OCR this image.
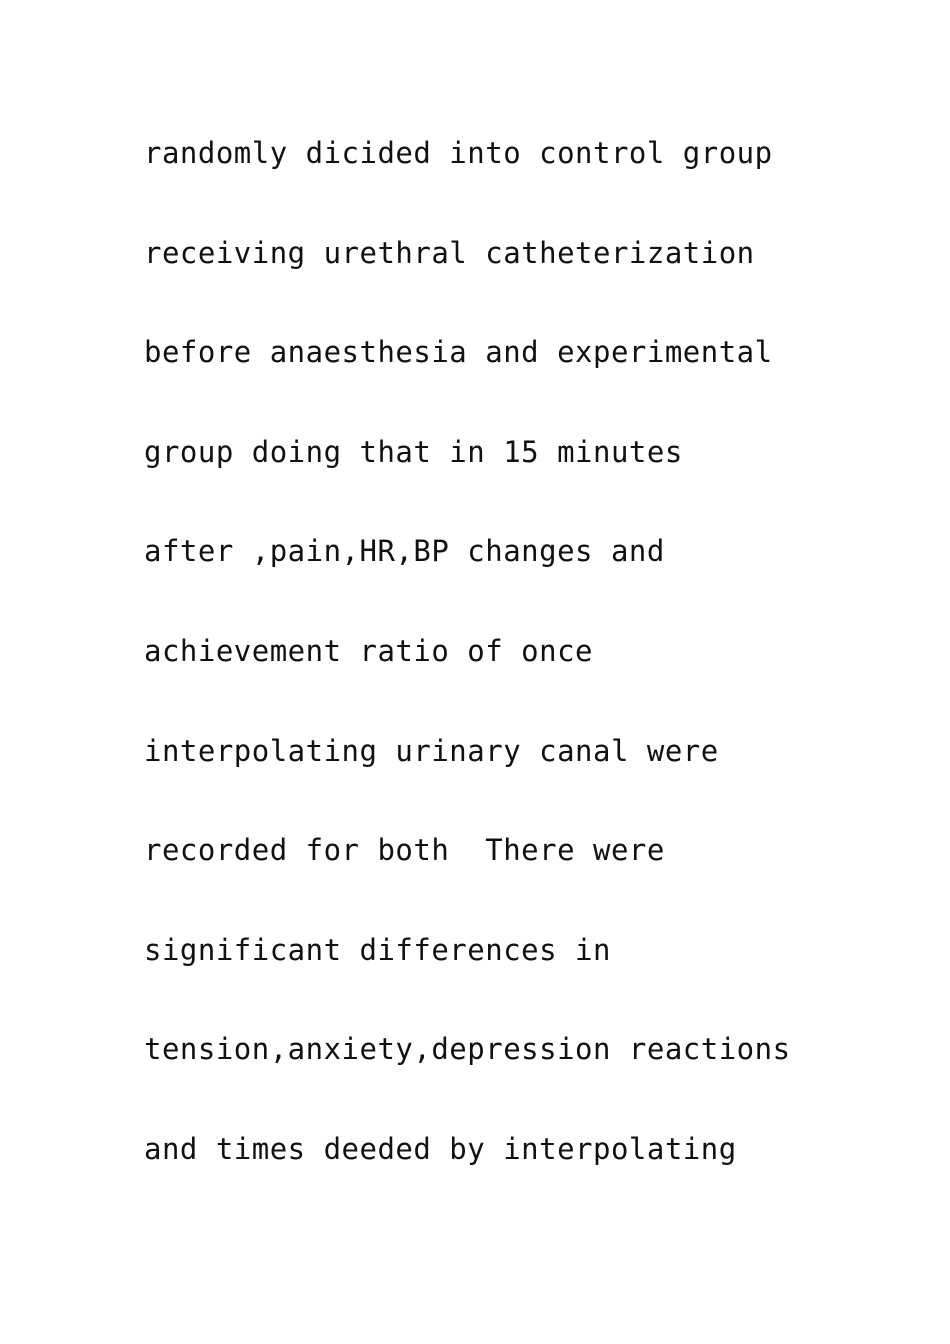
randomly dicided into control group
receiving urethral catheterization
before anaesthesia and experimental
group doing that in 15 minutes
after ,pain,HR,BP changes and
achievement ratio of once
interpolating urinary canal were
recorded for both  There were
significant differences in
tension,anxiety,depression reactions
and times deeded by interpolating
